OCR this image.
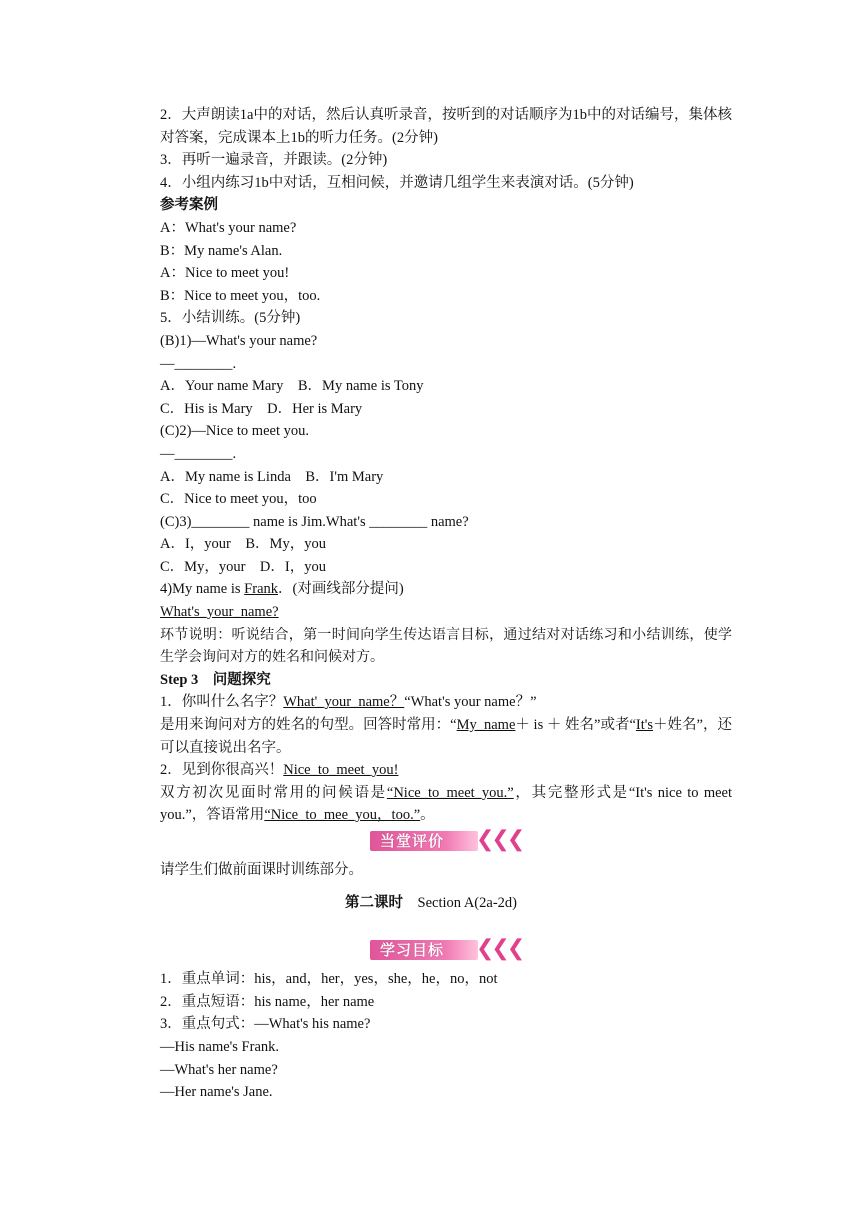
2．大声朗读1a中的对话，然后认真听录音，按听到的对话顺序为1b中的对话编号，集体核对答案，完成课本上1b的听力任务。(2分钟)
3．再听一遍录音，并跟读。(2分钟)
4．小组内练习1b中对话，互相问候，并邀请几组学生来表演对话。(5分钟)
参考案例
A：What's your name?
B：My name's Alan.
A：Nice to meet you!
B：Nice to meet you，too.
5．小结训练。(5分钟)
(B)1)—What's your name?
—________.
A．Your name Mary　B．My name is Tony
C．His is Mary　D．Her is Mary
(C)2)—Nice to meet you.
—________.
A．My name is Linda　B．I'm Mary
C．Nice to meet you，too
(C)3)________ name is Jim.What's ________ name?
A．I，your　B．My，you
C．My，your　D．I，you
4)My name is Frank．(对画线部分提问)
What's_your_name?
环节说明：听说结合，第一时间向学生传达语言目标，通过结对对话练习和小结训练，使学生学会询问对方的姓名和问候对方。
Step 3　 问题探究
1．你叫什么名字？What'_your_name？“What's your name？”
是用来询问对方的姓名的句型。回答时常用：“My_name＋ is ＋ 姓名”或者“It's＋姓名”，还可以直接说出名字。
2．见到你很高兴！Nice_to_meet_you!
双方初次见面时常用的问候语是“Nice_to_meet_you.”，其完整形式是“It's nice to meet you.”，答语常用“Nice_to_mee_you，too.”。
当堂评价 ❮❮❮
请学生们做前面课时训练部分。
第二课时　 Section A(2a-2d)
学习目标 ❮❮❮
1．重点单词：his，and，her，yes，she，he，no，not
2．重点短语：his name，her name
3．重点句式：—What's his name?
—His name's Frank.
—What's her name?
—Her name's Jane.
